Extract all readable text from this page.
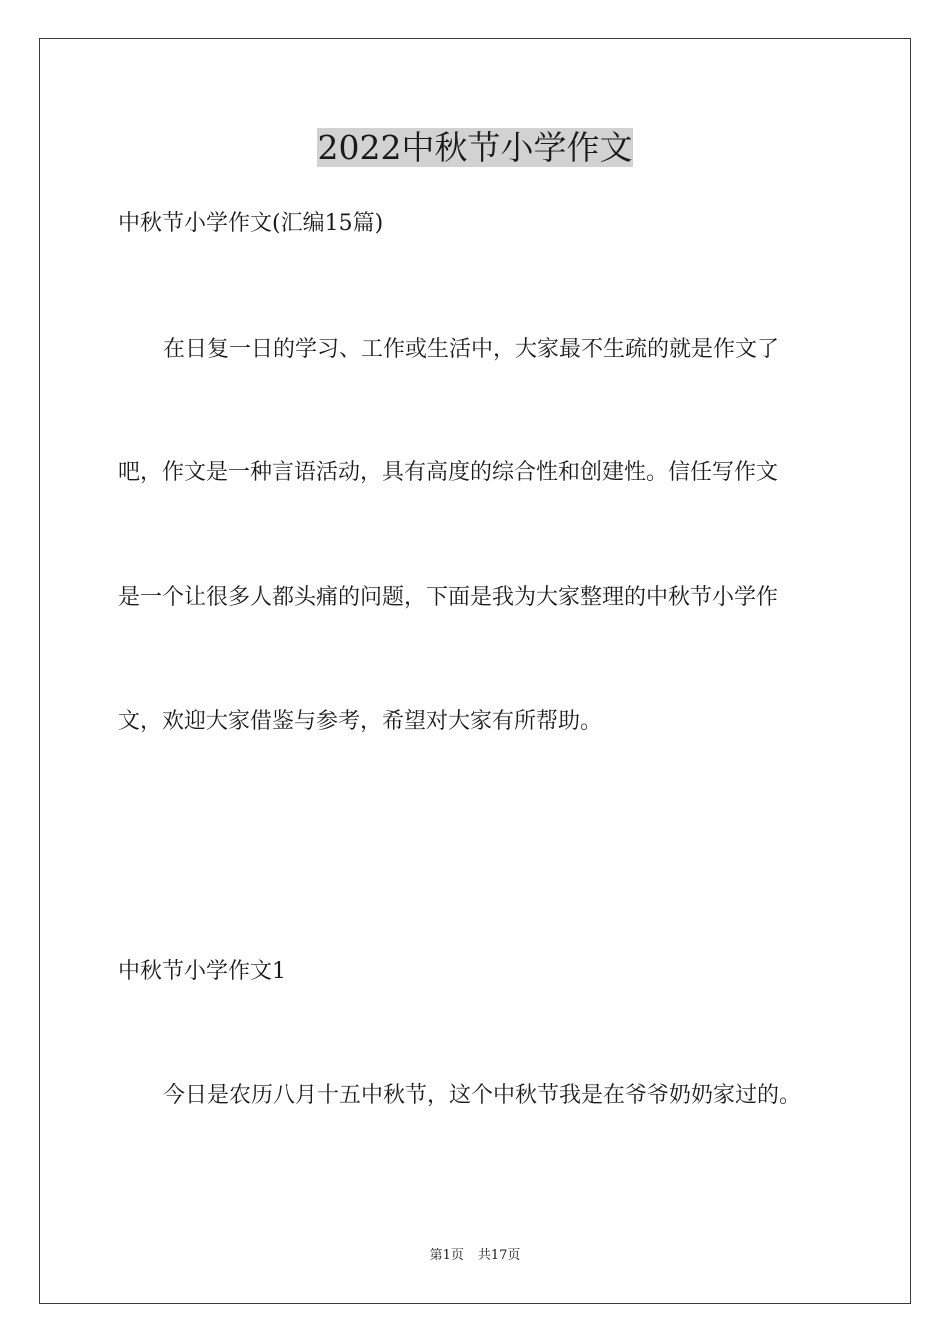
2022中秋节小学作文

中秋节小学作文(汇编15篇)

在日复一日的学习、工作或生活中，大家最不生疏的就是作文了

吧，作文是一种言语活动，具有高度的综合性和创建性。信任写作文

是一个让很多人都头痛的问题，下面是我为大家整理的中秋节小学作

文，欢迎大家借鉴与参考，希望对大家有所帮助。

中秋节小学作文1

今日是农历八月十五中秋节，这个中秋节我是在爷爷奶奶家过的。

第1页 共17页
